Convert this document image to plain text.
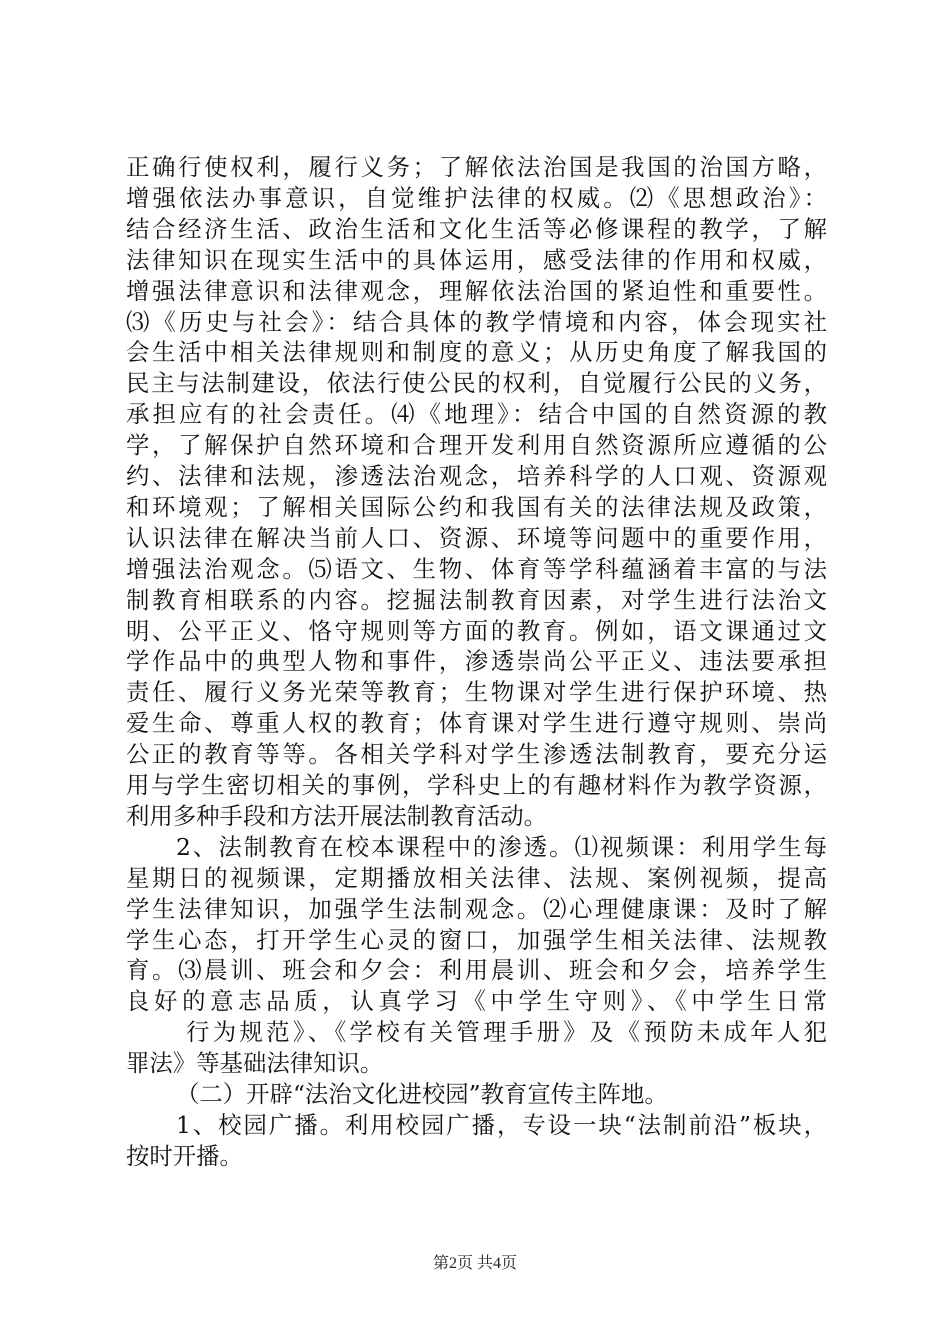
正确行使权利，履行义务；了解依法治国是我国的治国方略，
增强依法办事意识，自觉维护法律的权威。⑵《思想政治》：
结合经济生活、政治生活和文化生活等必修课程的教学，了解
法律知识在现实生活中的具体运用，感受法律的作用和权威，
增强法律意识和法律观念，理解依法治国的紧迫性和重要性。
⑶《历史与社会》：结合具体的教学情境和内容，体会现实社
会生活中相关法律规则和制度的意义；从历史角度了解我国的
民主与法制建设，依法行使公民的权利，自觉履行公民的义务，
承担应有的社会责任。⑷《地理》：结合中国的自然资源的教
学，了解保护自然环境和合理开发利用自然资源所应遵循的公
约、法律和法规，渗透法治观念，培养科学的人口观、资源观
和环境观；了解相关国际公约和我国有关的法律法规及政策，
认识法律在解决当前人口、资源、环境等问题中的重要作用，
增强法治观念。⑸语文、生物、体育等学科蕴涵着丰富的与法
制教育相联系的内容。挖掘法制教育因素，对学生进行法治文
明、公平正义、恪守规则等方面的教育。例如，语文课通过文
学作品中的典型人物和事件，渗透崇尚公平正义、违法要承担
责任、履行义务光荣等教育；生物课对学生进行保护环境、热
爱生命、尊重人权的教育；体育课对学生进行遵守规则、崇尚
公正的教育等等。各相关学科对学生渗透法制教育，要充分运
用与学生密切相关的事例，学科史上的有趣材料作为教学资源，
利用多种手段和方法开展法制教育活动。
2、法制教育在校本课程中的渗透。⑴视频课：利用学生每
星期日的视频课，定期播放相关法律、法规、案例视频，提高
学生法律知识，加强学生法制观念。⑵心理健康课：及时了解
学生心态，打开学生心灵的窗口，加强学生相关法律、法规教
育。⑶晨训、班会和夕会：利用晨训、班会和夕会，培养学生
良好的意志品质，认真学习《中学生守则》、《中学生日常
行为规范》、《学校有关管理手册》及《预防未成年人犯
罪法》等基础法律知识。
（二）开辟“法治文化进校园”教育宣传主阵地。
1、校园广播。利用校园广播，专设一块“法制前沿”板块，
按时开播。
第2页 共4页
